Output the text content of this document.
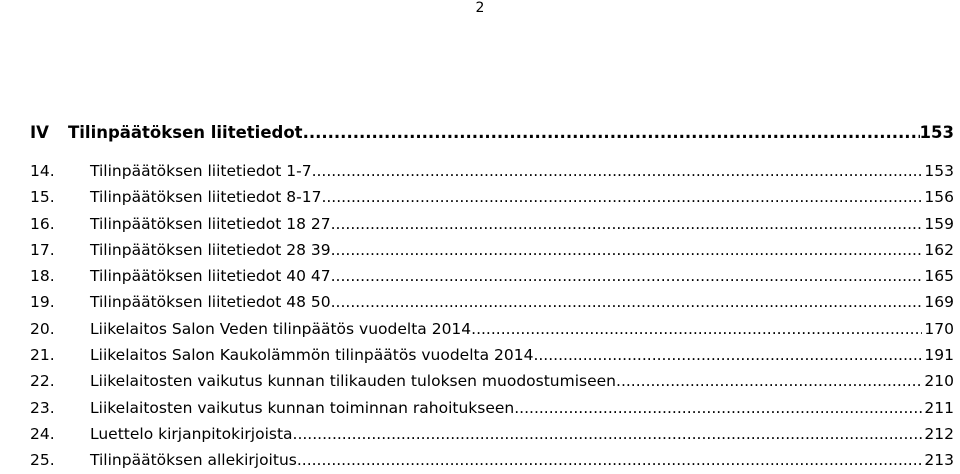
2
IV	Tilinpäätöksen liitetiedot .....	153
14.	Tilinpäätöksen liitetiedot 1-7 .....	153
15.	Tilinpäätöksen liitetiedot 8-17 .....	156
16.	Tilinpäätöksen liitetiedot 18 27 .....	159
17.	Tilinpäätöksen liitetiedot 28 39 .....	162
18.	Tilinpäätöksen liitetiedot 40 47 .....	165
19.	Tilinpäätöksen liitetiedot 48 50 .....	169
20.	Liikelaitos Salon Veden tilinpäätös vuodelta 2014 .....	170
21.	Liikelaitos Salon Kaukolämmön tilinpäätös vuodelta 2014 .....	191
22.	Liikelaitosten vaikutus kunnan tilikauden tuloksen muodostumiseen .....	210
23.	Liikelaitosten vaikutus kunnan toiminnan rahoitukseen .....	211
24.	Luettelo kirjanpitokirjoista .....	212
25.	Tilinpäätöksen allekirjoitus .....	213
